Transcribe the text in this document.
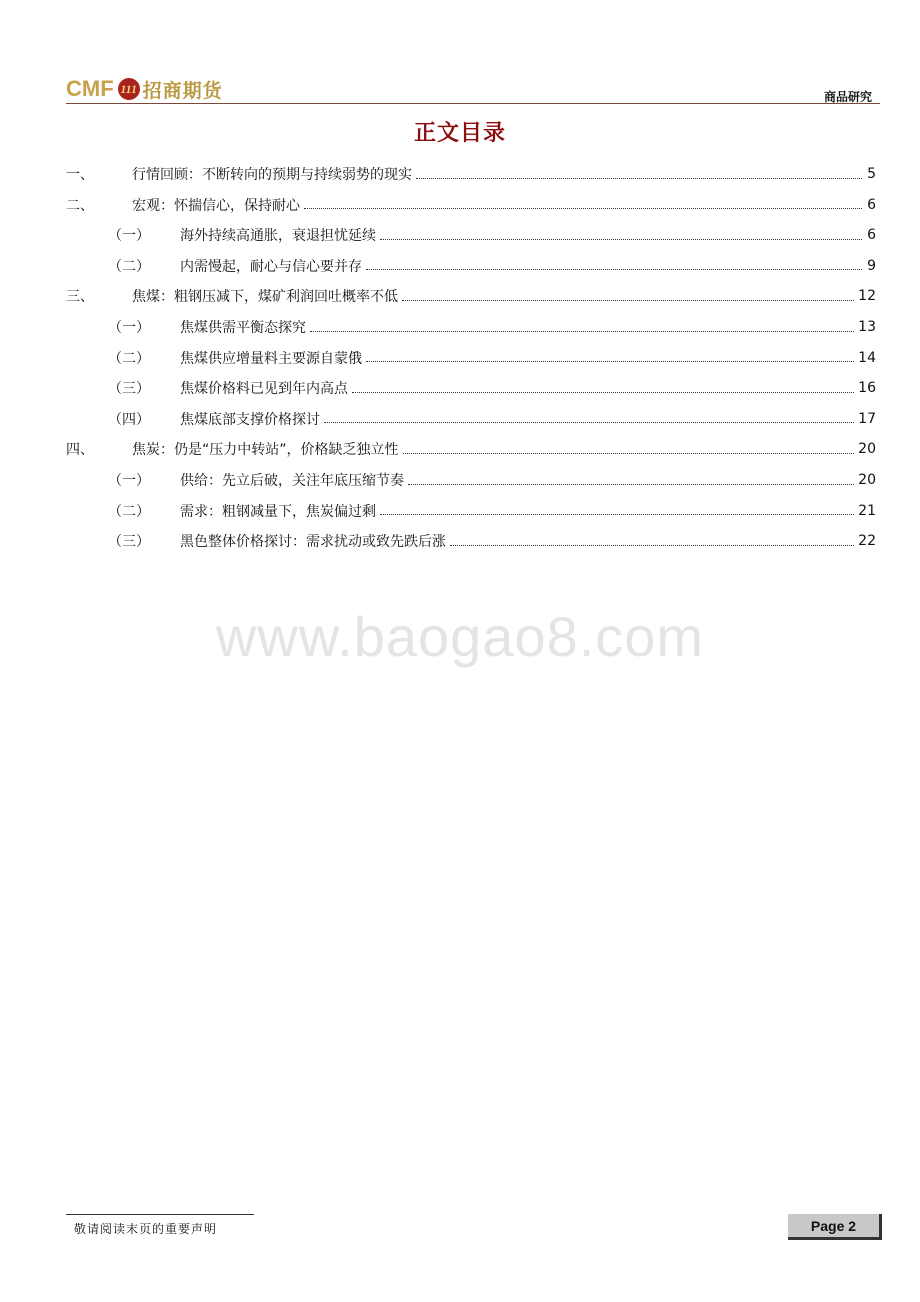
CMF 111 招商期货	商品研究
正文目录
一、	行情回顾：不断转向的预期与持续弱势的现实	5
二、	宏观：怀揣信心，保持耐心	6
（一）	海外持续高通胀，衰退担忧延续	6
（二）	内需慢起，耐心与信心要并存	9
三、	焦煤：粗钢压减下，煤矿利润回吐概率不低	12
（一）	焦煤供需平衡态探究	13
（二）	焦煤供应增量料主要源自蒙俄	14
（三）	焦煤价格料已见到年内高点	16
（四）	焦煤底部支撑价格探讨	17
四、	焦炭：仍是“压力中转站”，价格缺乏独立性	20
（一）	供给：先立后破，关注年底压缩节奏	20
（二）	需求：粗钢减量下，焦炭偏过剩	21
（三）	黑色整体价格探讨：需求扰动或致先跌后涨	22
www.baogao8.com
敬请阅读末页的重要声明	Page 2
